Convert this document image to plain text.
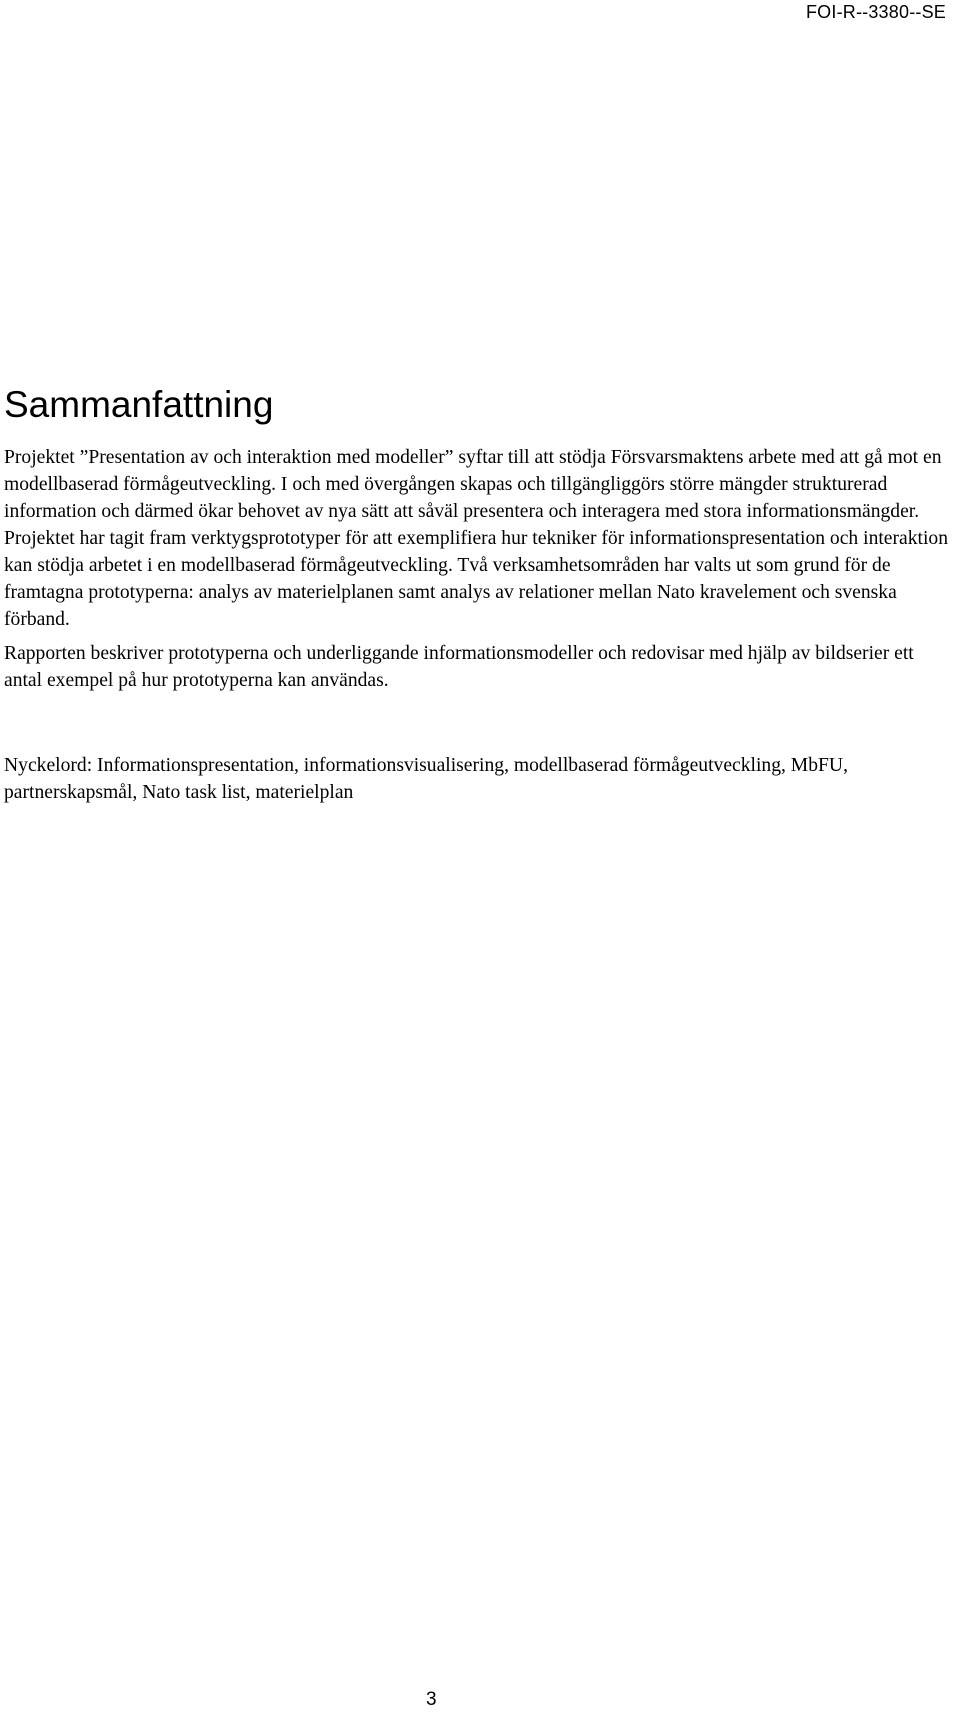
FOI-R--3380--SE
Sammanfattning

Projektet ”Presentation av och interaktion med modeller” syftar till att stödja Försvarsmaktens arbete med att gå mot en modellbaserad förmågeutveckling. I och med övergången skapas och tillgängliggörs större mängder strukturerad information och därmed ökar behovet av nya sätt att såväl presentera och interagera med stora informationsmängder. Projektet har tagit fram verktygsprototyper för att exemplifiera hur tekniker för informationspresentation och interaktion kan stödja arbetet i en modellbaserad förmågeutveckling. Två verksamhetsområden har valts ut som grund för de framtagna prototyperna: analys av materielplanen samt analys av relationer mellan Nato kravelement och svenska förband.

Rapporten beskriver prototyperna och underliggande informationsmodeller och redovisar med hjälp av bildserier ett antal exempel på hur prototyperna kan användas.

Nyckelord: Informationspresentation, informationsvisualisering, modellbaserad förmågeutveckling, MbFU, partnerskapsmål, Nato task list, materielplan

3
